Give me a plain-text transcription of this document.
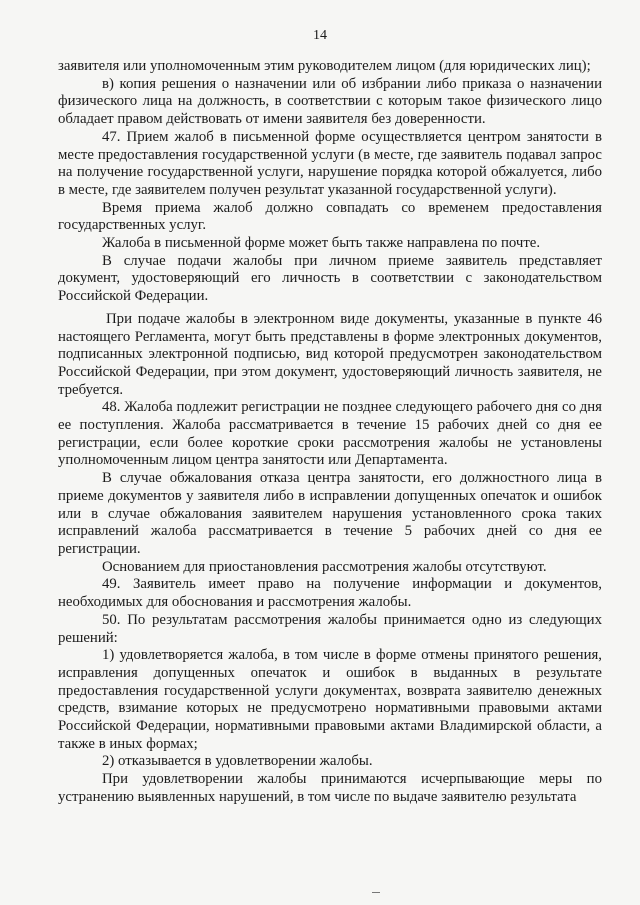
14

заявителя или уполномоченным этим руководителем лицом (для юридических лиц);

в) копия решения о назначении или об избрании либо приказа о назначении физического лица на должность, в соответствии с которым такое физического лицо обладает правом действовать от имени заявителя без доверенности.

47. Прием жалоб в письменной форме осуществляется центром занятости в месте предоставления государственной услуги (в месте, где заявитель подавал запрос на получение государственной услуги, нарушение порядка которой обжалуется, либо в месте, где заявителем получен результат указанной государственной услуги).

Время приема жалоб должно совпадать со временем предоставления государственных услуг.

Жалоба в письменной форме может быть также направлена по почте.

В случае подачи жалобы при личном приеме заявитель представляет документ, удостоверяющий его личность в соответствии с законодательством Российской Федерации.

При подаче жалобы в электронном виде документы, указанные в пункте 46 настоящего Регламента, могут быть представлены в форме электронных документов, подписанных электронной подписью, вид которой предусмотрен законодательством Российской Федерации, при этом документ, удостоверяющий личность заявителя, не требуется.

48. Жалоба подлежит регистрации не позднее следующего рабочего дня со дня ее поступления. Жалоба рассматривается в течение 15 рабочих дней со дня ее регистрации, если более короткие сроки рассмотрения жалобы не установлены уполномоченным лицом центра занятости или Департамента.

В случае обжалования отказа центра занятости, его должностного лица в приеме документов у заявителя либо в исправлении допущенных опечаток и ошибок или в случае обжалования заявителем нарушения установленного срока таких исправлений жалоба рассматривается в течение 5 рабочих дней со дня ее регистрации.

Основанием для приостановления рассмотрения жалобы отсутствуют.

49. Заявитель имеет право на получение информации и документов, необходимых для обоснования и рассмотрения жалобы.

50. По результатам рассмотрения жалобы принимается одно из следующих решений:

1) удовлетворяется жалоба, в том числе в форме отмены принятого решения, исправления допущенных опечаток и ошибок в выданных в результате предоставления государственной услуги документах, возврата заявителю денежных средств, взимание которых не предусмотрено нормативными правовыми актами Российской Федерации, нормативными правовыми актами Владимирской области, а также в иных формах;

2) отказывается в удовлетворении жалобы.

При удовлетворении жалобы принимаются исчерпывающие меры по устранению выявленных нарушений, в том числе по выдаче заявителю результата
